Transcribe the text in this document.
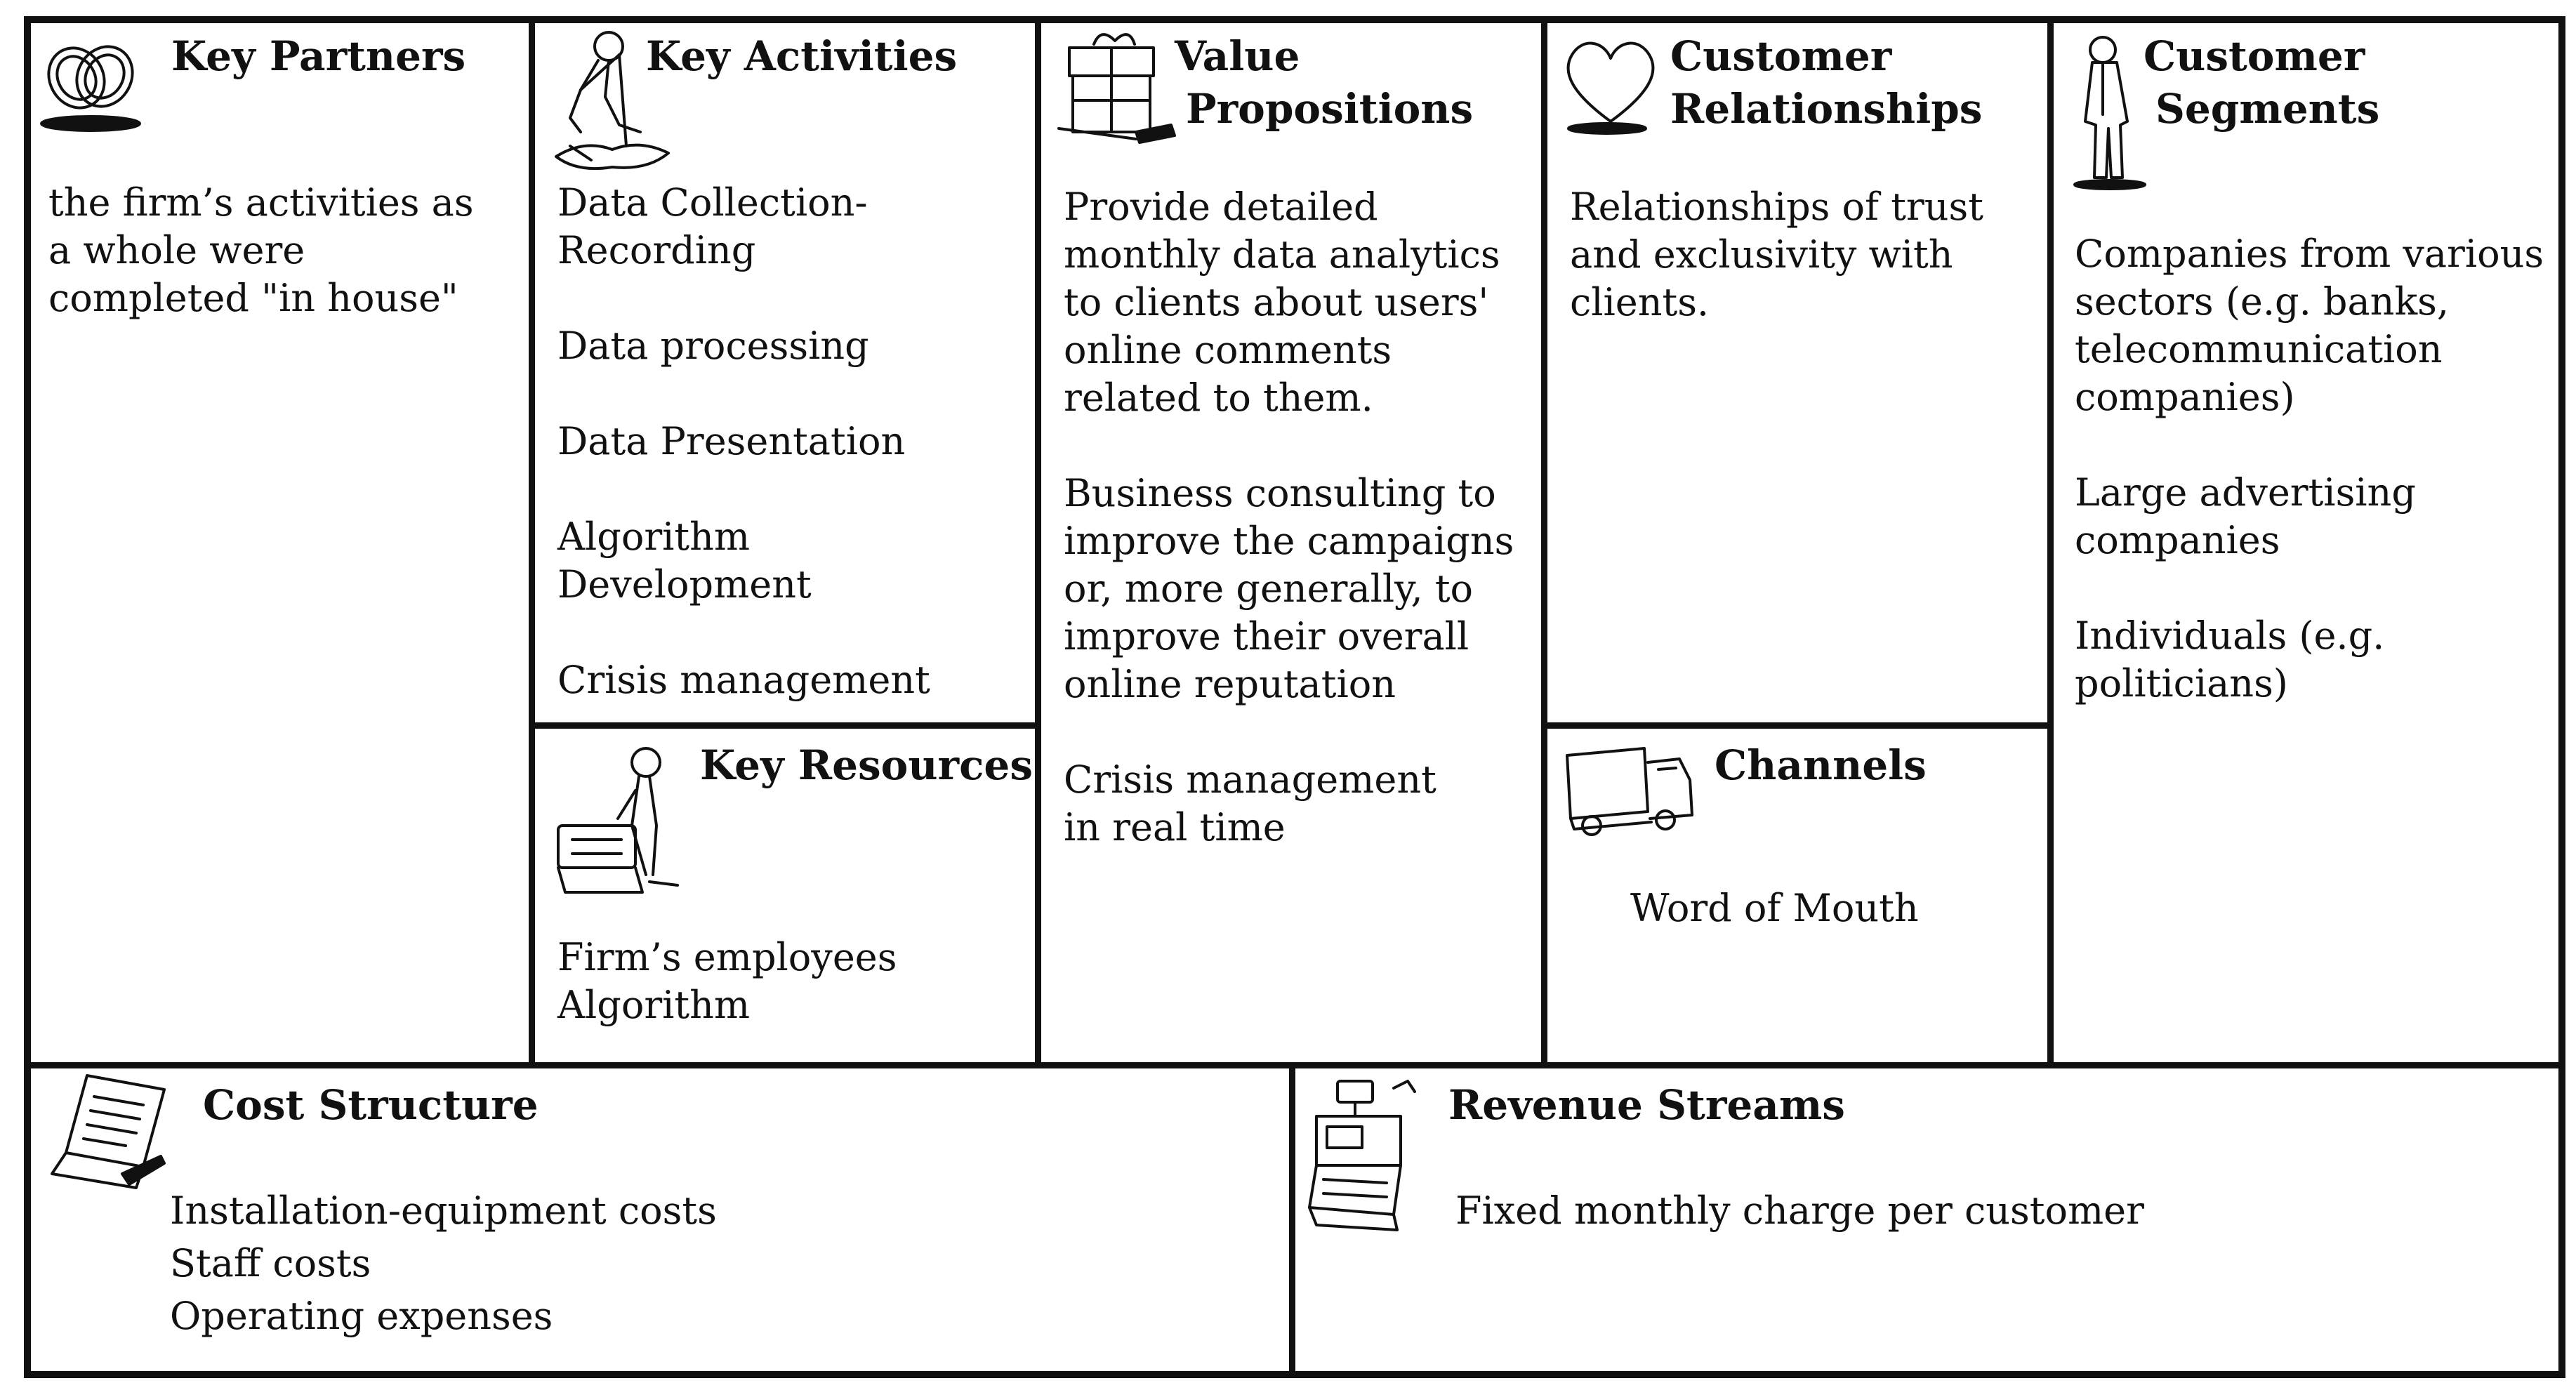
Key Partners

the firm’s activities as a whole were completed "in house"

Key Activities

Data Collection-Recording

Data processing

Data Presentation

Algorithm Development

Crisis management

Key Resources

Firm’s employees

Algorithm

Value
Propositions

Provide detailed monthly data analytics to clients about users' online comments related to them.

Business consulting to improve the campaigns or, more generally, to improve their overall online reputation

Crisis management in real time

Customer
Relationships

Relationships of trust and exclusivity with clients.

Channels

Word of Mouth

Customer
Segments

Companies from various sectors (e.g. banks, telecommunication companies)

Large advertising companies

Individuals (e.g. politicians)

Cost Structure

Installation-equipment costs

Staff costs

Operating expenses

Revenue Streams

Fixed monthly charge per customer
